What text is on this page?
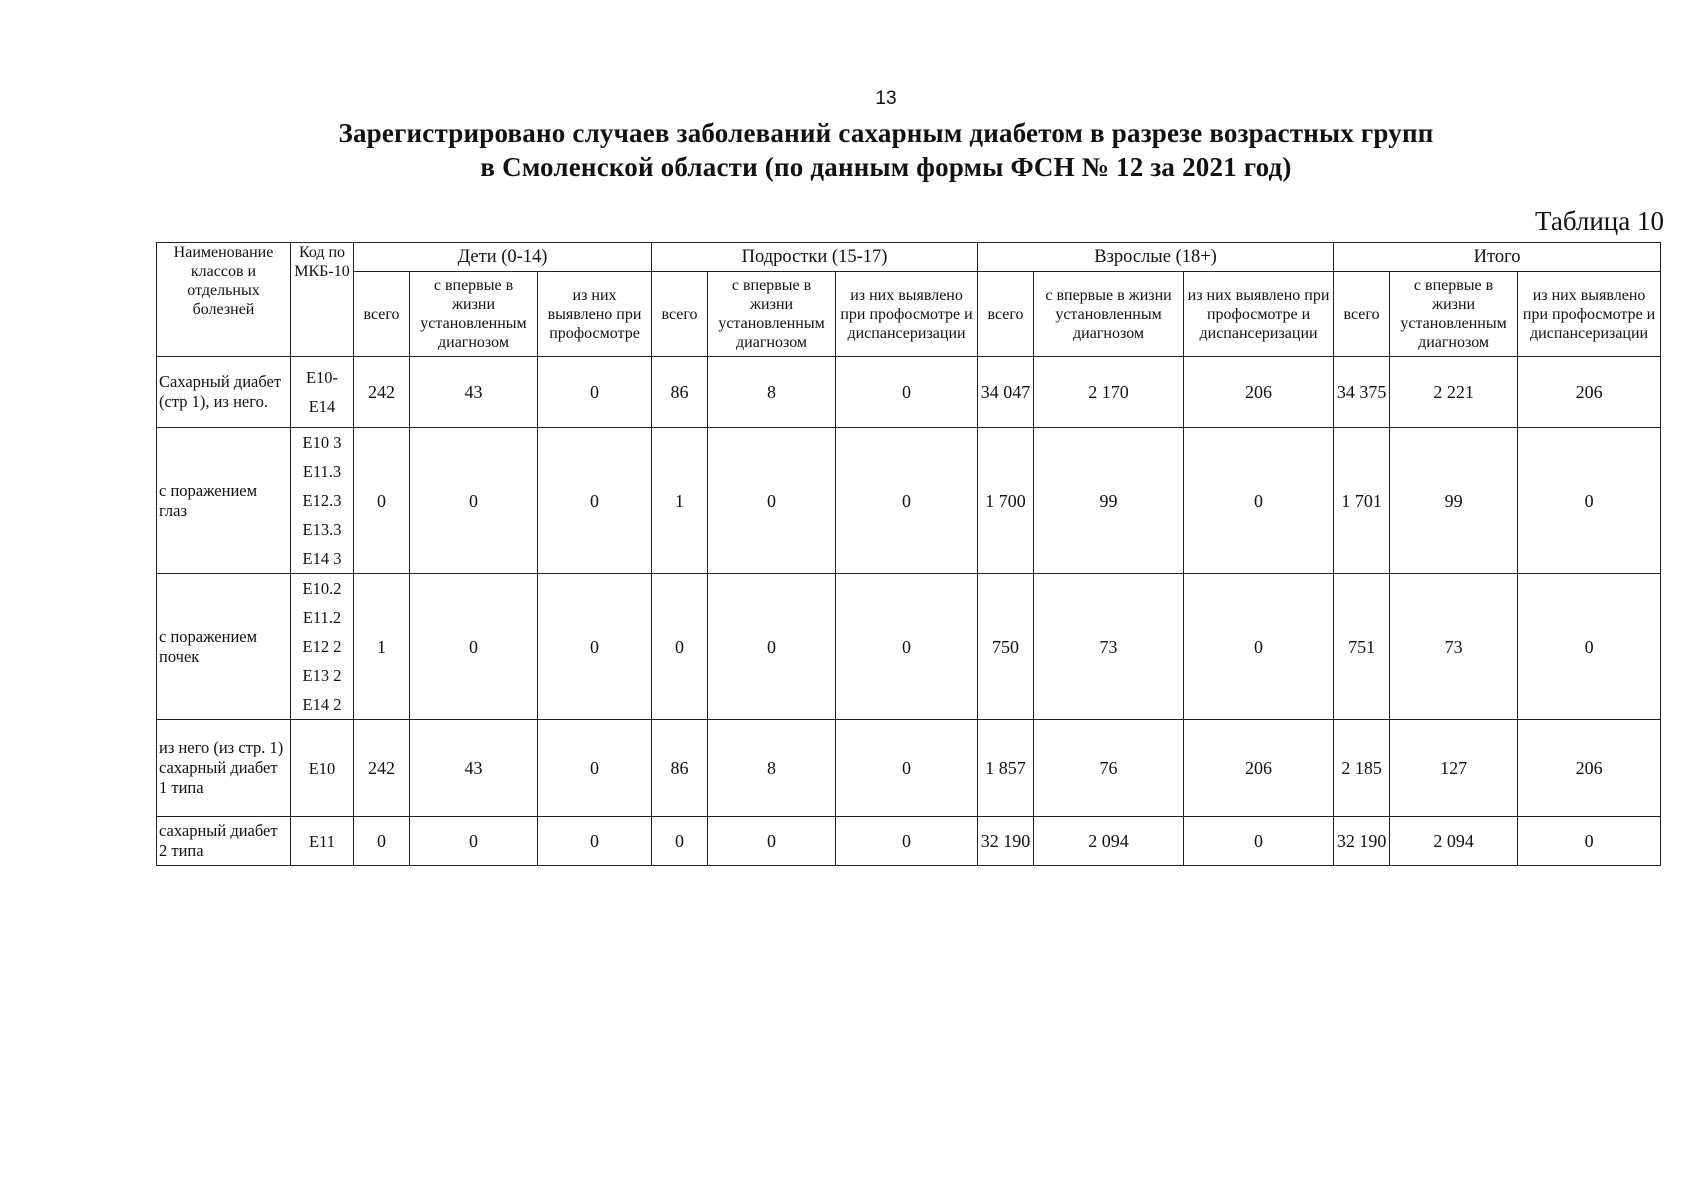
13
Зарегистрировано случаев заболеваний сахарным диабетом в разрезе возрастных групп
в Смоленской области (по данным формы ФСН № 12 за 2021 год)
Таблица 10
Наименование классов и отдельных болезней	Код по МКБ-10	Дети (0-14)			Подростки (15-17)			Взрослые (18+)			Итого		
		всего	с впервые в жизни установленным диагнозом	из них выявлено при профосмотре	всего	с впервые в жизни установленным диагнозом	из них выявлено при профосмотре и диспансеризации	всего	с впервые в жизни установленным диагнозом	из них выявлено при профосмотре и диспансеризации	всего	с впервые в жизни установленным диагнозом	из них выявлено при профосмотре и диспансеризации
Сахарный диабет (стр 1), из него.	E10- E14	242	43	0	86	8	0	34 047	2 170	206	34 375	2 221	206
с поражением глаз	E10 3 E11.3 E12.3 E13.3 E14 3	0	0	0	1	0	0	1 700	99	0	1 701	99	0
с поражением почек	E10.2 E11.2 E12 2 E13 2 E14 2	1	0	0	0	0	0	750	73	0	751	73	0
из него (из стр. 1) сахарный диабет 1 типа	E10	242	43	0	86	8	0	1 857	76	206	2 185	127	206
сахарный диабет 2 типа	E11	0	0	0	0	0	0	32 190	2 094	0	32 190	2 094	0
